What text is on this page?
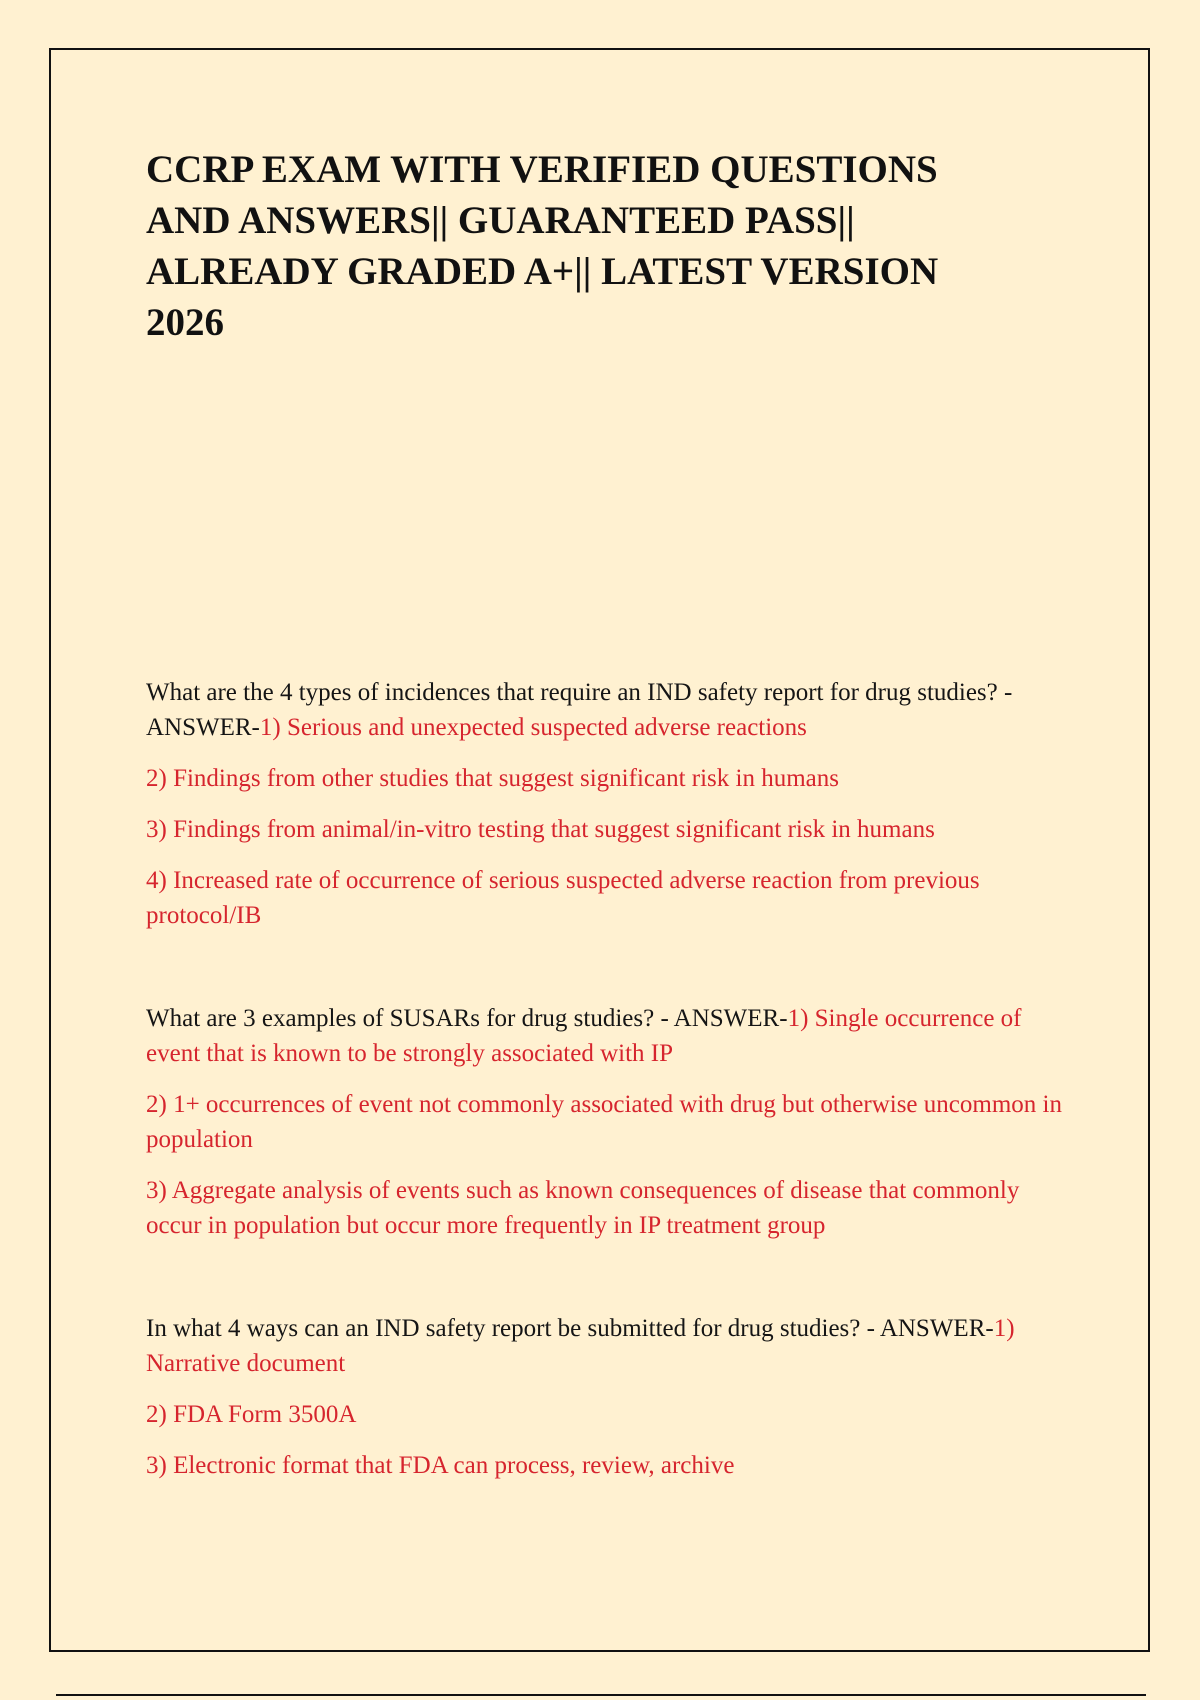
CCRP EXAM WITH VERIFIED QUESTIONS AND ANSWERS|| GUARANTEED PASS|| ALREADY GRADED A+|| LATEST VERSION 2026

What are the 4 types of incidences that require an IND safety report for drug studies? - ANSWER-1) Serious and unexpected suspected adverse reactions

2) Findings from other studies that suggest significant risk in humans

3) Findings from animal/in-vitro testing that suggest significant risk in humans

4) Increased rate of occurrence of serious suspected adverse reaction from previous protocol/IB

What are 3 examples of SUSARs for drug studies? - ANSWER-1) Single occurrence of event that is known to be strongly associated with IP

2) 1+ occurrences of event not commonly associated with drug but otherwise uncommon in population

3) Aggregate analysis of events such as known consequences of disease that commonly occur in population but occur more frequently in IP treatment group

In what 4 ways can an IND safety report be submitted for drug studies? - ANSWER-1) Narrative document

2) FDA Form 3500A

3) Electronic format that FDA can process, review, archive
